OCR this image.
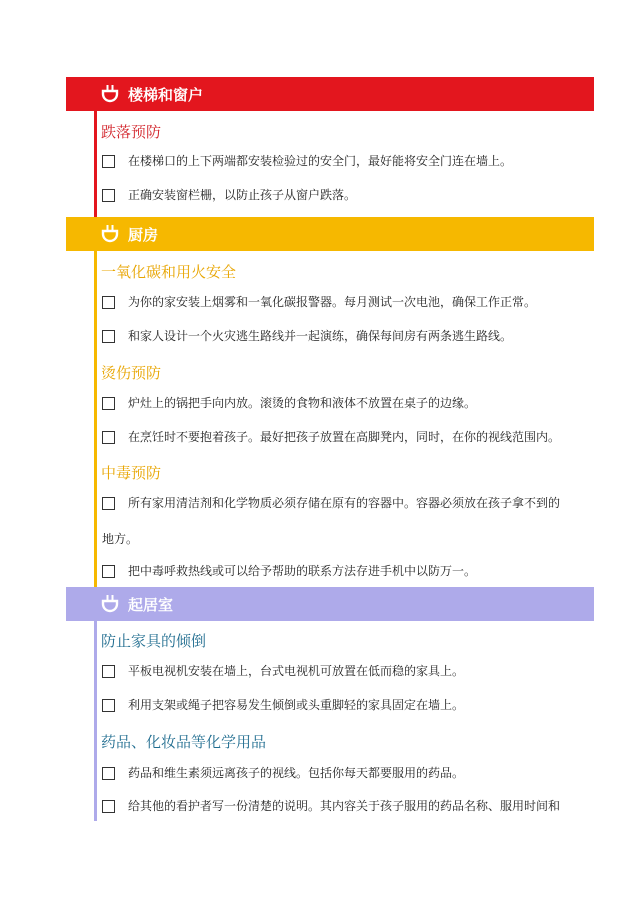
楼梯和窗户
跌落预防
在楼梯口的上下两端都安装检验过的安全门，最好能将安全门连在墙上。
正确安装窗栏栅，以防止孩子从窗户跌落。
厨房
一氧化碳和用火安全
为你的家安装上烟雾和一氧化碳报警器。每月测试一次电池，确保工作正常。
和家人设计一个火灾逃生路线并一起演练，确保每间房有两条逃生路线。
烫伤预防
炉灶上的锅把手向内放。滚烫的食物和液体不放置在桌子的边缘。
在烹饪时不要抱着孩子。最好把孩子放置在高脚凳内，同时，在你的视线范围内。
中毒预防
所有家用清洁剂和化学物质必须存储在原有的容器中。容器必须放在孩子拿不到的
地方。
把中毒呼救热线或可以给予帮助的联系方法存进手机中以防万一。
起居室
防止家具的倾倒
平板电视机安装在墙上，台式电视机可放置在低而稳的家具上。
利用支架或绳子把容易发生倾倒或头重脚轻的家具固定在墙上。
药品、化妆品等化学用品
药品和维生素须远离孩子的视线。包括你每天都要服用的药品。
给其他的看护者写一份清楚的说明。其内容关于孩子服用的药品名称、服用时间和
